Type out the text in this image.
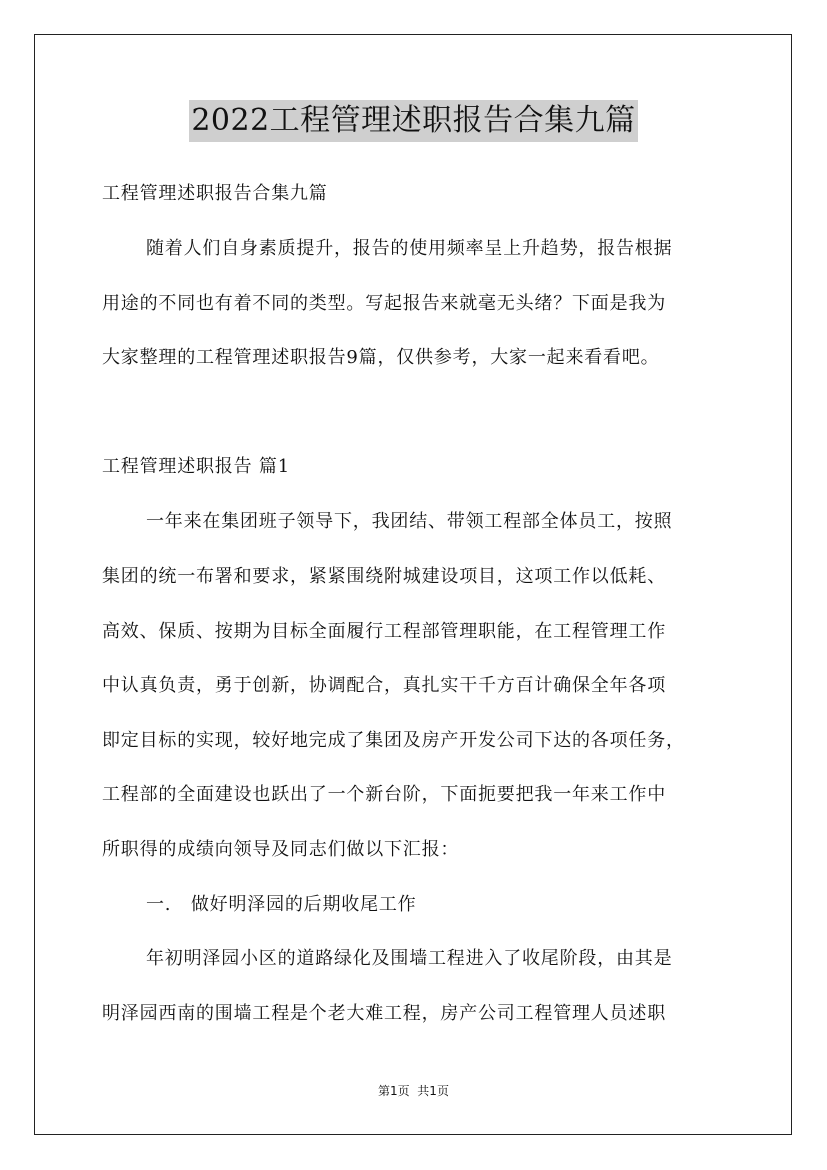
2022工程管理述职报告合集九篇
工程管理述职报告合集九篇
随着人们自身素质提升，报告的使用频率呈上升趋势，报告根据
用途的不同也有着不同的类型。写起报告来就毫无头绪？下面是我为
大家整理的工程管理述职报告9篇，仅供参考，大家一起来看看吧。
工程管理述职报告 篇1
一年来在集团班子领导下，我团结、带领工程部全体员工，按照
集团的统一布署和要求，紧紧围绕附城建设项目，这项工作以低耗、
高效、保质、按期为目标全面履行工程部管理职能，在工程管理工作
中认真负责，勇于创新，协调配合，真扎实干千方百计确保全年各项
即定目标的实现，较好地完成了集团及房产开发公司下达的各项任务，
工程部的全面建设也跃出了一个新台阶，下面扼要把我一年来工作中
所职得的成绩向领导及同志们做以下汇报：
一.   做好明泽园的后期收尾工作
年初明泽园小区的道路绿化及围墙工程进入了收尾阶段，由其是
明泽园西南的围墙工程是个老大难工程，房产公司工程管理人员述职
第1页  共1页
